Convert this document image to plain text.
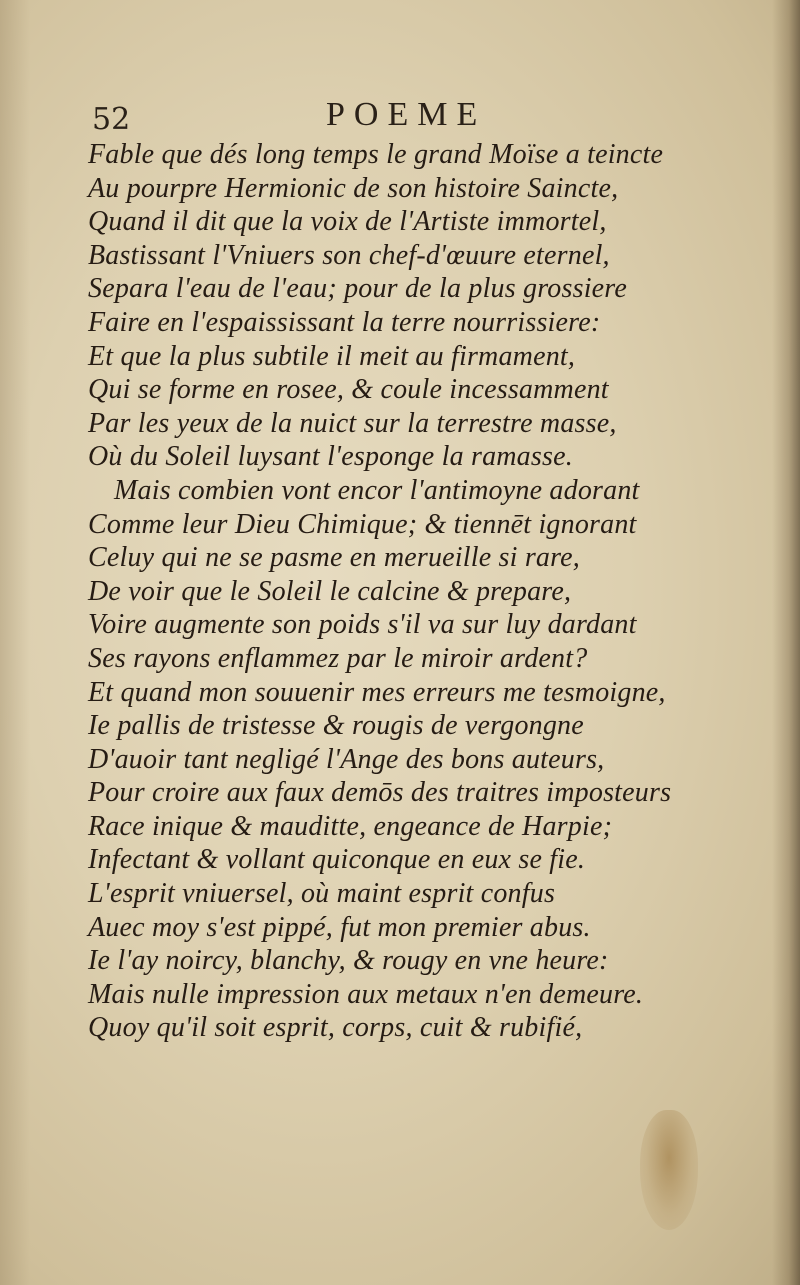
52	POEME
Fable que dés long temps le grand Moïse a teincte
Au pourpre Hermionic de son histoire Saincte,
Quand il dit que la voix de l'Artiste immortel,
Bastissant l'Vniuers son chef-d'œuure eternel,
Separa l'eau de l'eau; pour de la plus grossiere
Faire en l'espaississant la terre nourrissiere:
Et que la plus subtile il meit au firmament,
Qui se forme en rosee, & coule incessamment
Par les yeux de la nuict sur la terrestre masse,
Où du Soleil luysant l'esponge la ramasse.
Mais combien vont encor l'antimoyne adorant
Comme leur Dieu Chimique; & tiennēt ignorant
Celuy qui ne se pasme en merueille si rare,
De voir que le Soleil le calcine & prepare,
Voire augmente son poids s'il va sur luy dardant
Ses rayons enflammez par le miroir ardent?
Et quand mon souuenir mes erreurs me tesmoigne,
Ie pallis de tristesse & rougis de vergongne
D'auoir tant negligé l'Ange des bons auteurs,
Pour croire aux faux demōs des traitres imposteurs
Race inique & mauditte, engeance de Harpie;
Infectant & vollant quiconque en eux se fie.
L'esprit vniuersel, où maint esprit confus
Auec moy s'est pippé, fut mon premier abus.
Ie l'ay noircy, blanchy, & rougy en vne heure:
Mais nulle impression aux metaux n'en demeure.
Quoy qu'il soit esprit, corps, cuit & rubifié,
